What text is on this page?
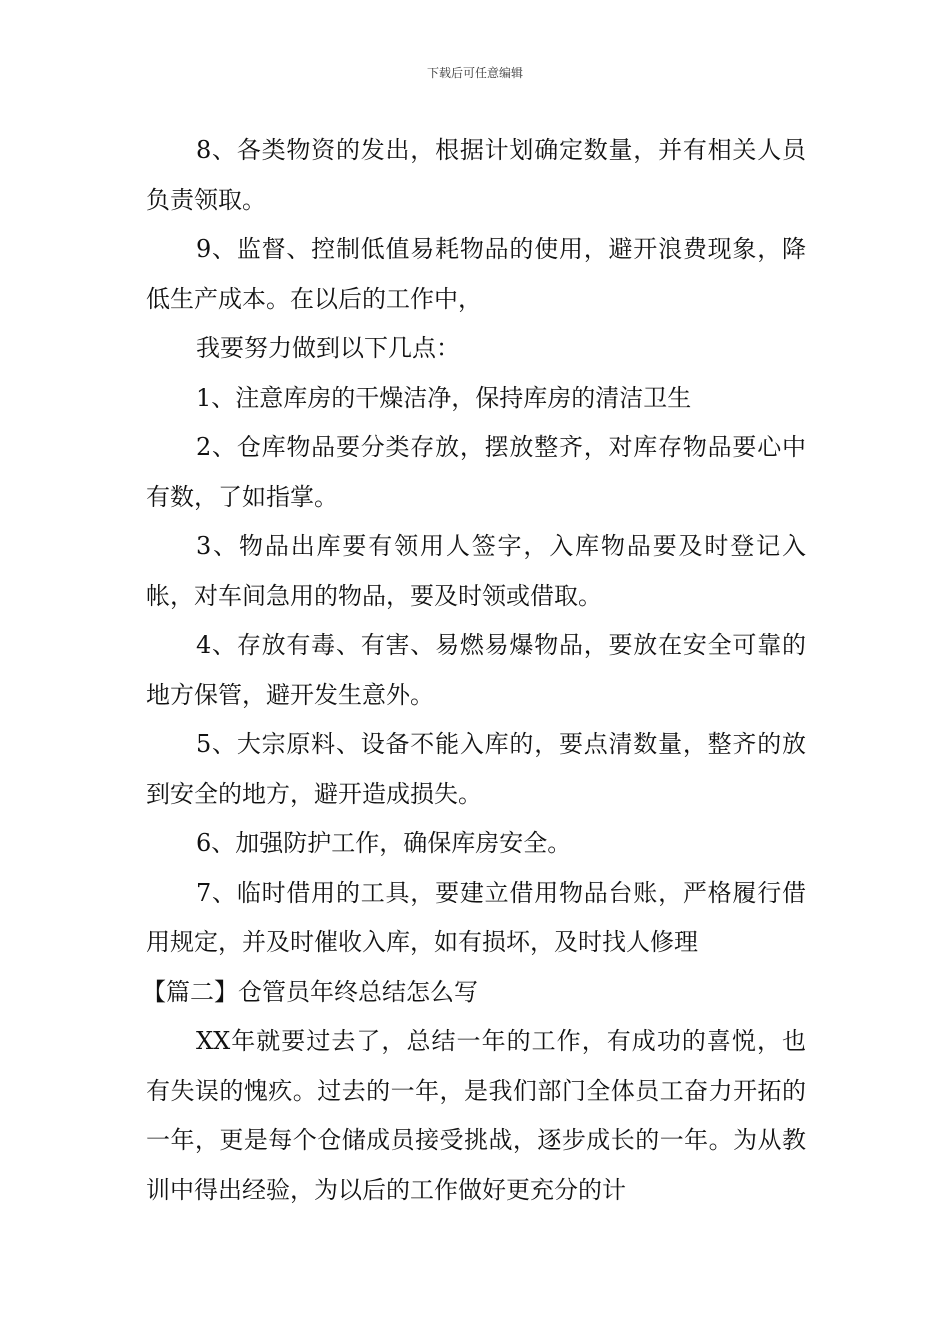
下载后可任意编辑

8、各类物资的发出，根据计划确定数量，并有相关人员负责领取。

9、监督、控制低值易耗物品的使用，避开浪费现象，降低生产成本。在以后的工作中，

我要努力做到以下几点：

1、注意库房的干燥洁净，保持库房的清洁卫生

2、仓库物品要分类存放，摆放整齐，对库存物品要心中有数，了如指掌。

3、物品出库要有领用人签字，入库物品要及时登记入帐，对车间急用的物品，要及时领或借取。

4、存放有毒、有害、易燃易爆物品，要放在安全可靠的地方保管，避开发生意外。

5、大宗原料、设备不能入库的，要点清数量，整齐的放到安全的地方，避开造成损失。

6、加强防护工作，确保库房安全。

7、临时借用的工具，要建立借用物品台账，严格履行借用规定，并及时催收入库，如有损坏，及时找人修理

【篇二】仓管员年终总结怎么写

XX年就要过去了，总结一年的工作，有成功的喜悦，也有失误的愧疚。过去的一年，是我们部门全体员工奋力开拓的一年，更是每个仓储成员接受挑战，逐步成长的一年。为从教训中得出经验，为以后的工作做好更充分的计
